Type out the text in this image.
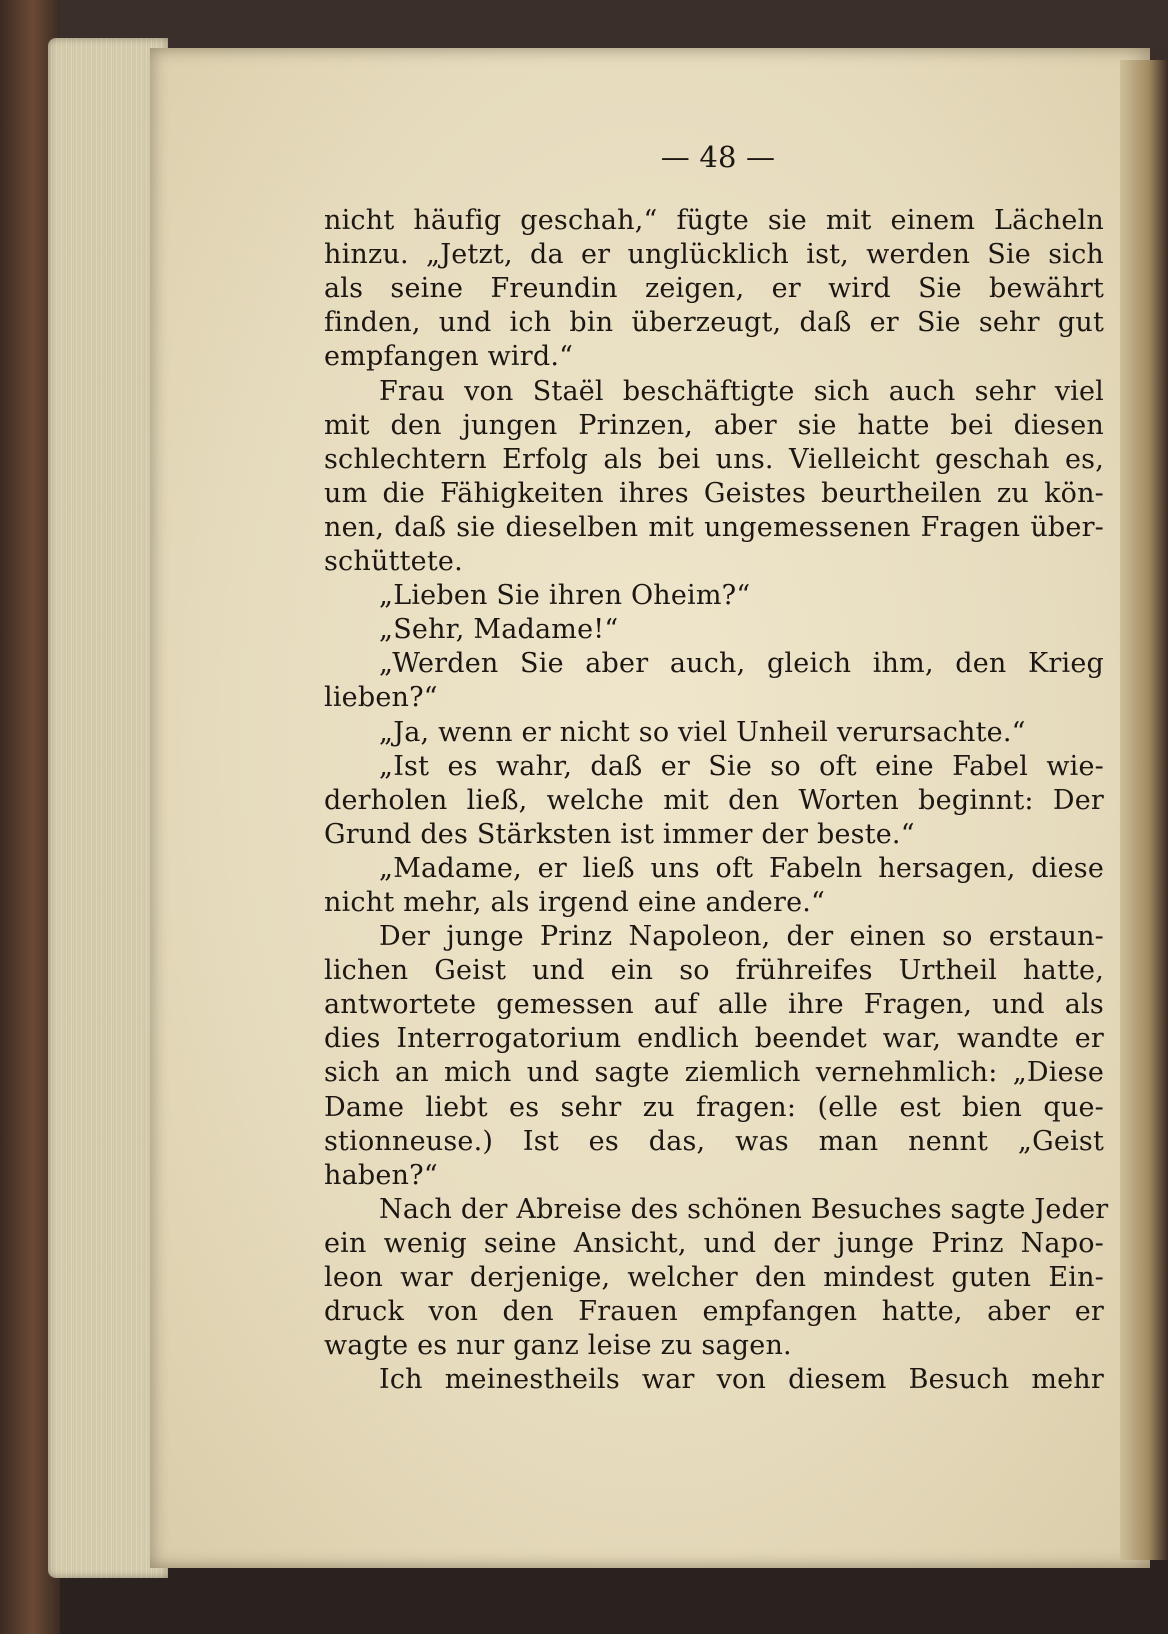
— 48 —
nicht häufig geschah,“ fügte sie mit einem Lächeln
hinzu. „Jetzt, da er unglücklich ist, werden Sie sich
als seine Freundin zeigen, er wird Sie bewährt
finden, und ich bin überzeugt, daß er Sie sehr gut
empfangen wird.“
Frau von Staël beschäftigte sich auch sehr viel
mit den jungen Prinzen, aber sie hatte bei diesen
schlechtern Erfolg als bei uns. Vielleicht geschah es,
um die Fähigkeiten ihres Geistes beurtheilen zu kön-
nen, daß sie dieselben mit ungemessenen Fragen über-
schüttete.
„Lieben Sie ihren Oheim?“
„Sehr, Madame!“
„Werden Sie aber auch, gleich ihm, den Krieg
lieben?“
„Ja, wenn er nicht so viel Unheil verursachte.“
„Ist es wahr, daß er Sie so oft eine Fabel wie-
derholen ließ, welche mit den Worten beginnt: Der
Grund des Stärksten ist immer der beste.“
„Madame, er ließ uns oft Fabeln hersagen, diese
nicht mehr, als irgend eine andere.“
Der junge Prinz Napoleon, der einen so erstaun-
lichen Geist und ein so frühreifes Urtheil hatte,
antwortete gemessen auf alle ihre Fragen, und als
dies Interrogatorium endlich beendet war, wandte er
sich an mich und sagte ziemlich vernehmlich: „Diese
Dame liebt es sehr zu fragen: (elle est bien que-
stionneuse.) Ist es das, was man nennt „Geist
haben?“
Nach der Abreise des schönen Besuches sagte Jeder
ein wenig seine Ansicht, und der junge Prinz Napo-
leon war derjenige, welcher den mindest guten Ein-
druck von den Frauen empfangen hatte, aber er
wagte es nur ganz leise zu sagen.
Ich meinestheils war von diesem Besuch mehr
